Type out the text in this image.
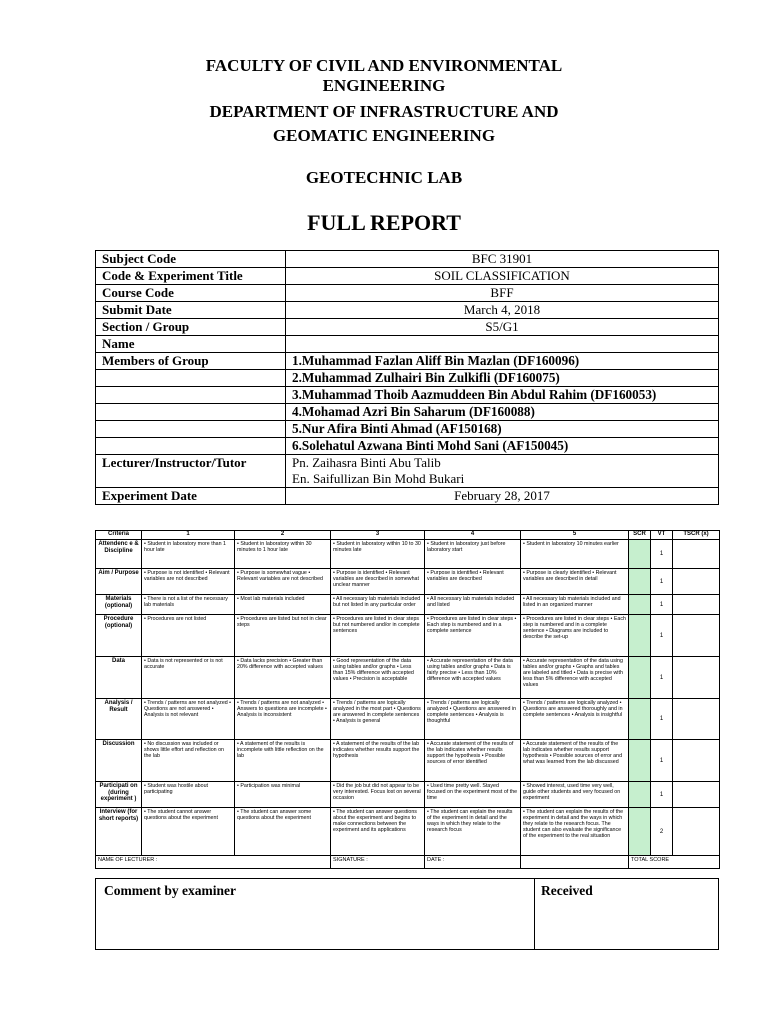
FACULTY OF CIVIL AND ENVIRONMENTAL
ENGINEERING
DEPARTMENT OF INFRASTRUCTURE AND
GEOMATIC ENGINEERING
GEOTECHNIC LAB
FULL REPORT
Subject Code	BFC 31901
Code & Experiment Title	SOIL CLASSIFICATION
Course Code	BFF
Submit Date	March 4, 2018
Section / Group	S5/G1
Name	
Members of Group	1.Muhammad Fazlan Aliff Bin Mazlan (DF160096)
	2.Muhammad Zulhairi Bin Zulkifli (DF160075)
	3.Muhammad Thoib Aazmuddeen Bin Abdul Rahim (DF160053)
	4.Mohamad Azri Bin Saharum (DF160088)
	5.Nur Afira Binti Ahmad (AF150168)
	6.Solehatul Azwana Binti Mohd Sani (AF150045)
Lecturer/Instructor/Tutor	Pn. Zaihasra Binti Abu Talib
En. Saifullizan Bin Mohd Bukari

Experiment Date	February 28, 2017
Criteria	1	2	3	4	5	SCR	VT	TSCR (x)
Attendenc e & Discipline	• Student in laboratory more than 1 hour late	• Student in laboratory within 30 minutes to 1 hour late	• Student in laboratory within 10 to 30 minutes late	• Student in laboratory just before laboratory start	• Student in laboratory 10 minutes earlier		1	
Aim / Purpose	• Purpose is not identified • Relevant variables are not described	• Purpose is somewhat vague • Relevant variables are not described	• Purpose is identified • Relevant variables are described in somewhat unclear manner	• Purpose is identified • Relevant variables are described	• Purpose is clearly identified • Relevant variables are described in detail		1	
Materials (optional)	• There is not a list of the necessary lab materials	• Most lab materials included	• All necessary lab materials included but not listed in any particular order	• All necessary lab materials included and listed	• All necessary lab materials included and listed in an organized manner		1	
Procedure (optional)	• Procedures are not listed	• Procedures are listed but not in clear steps	• Procedures are listed in clear steps but not numbered and/or in complete sentences	• Procedures are listed in clear steps • Each step is numbered and in a complete sentence	• Procedures are listed in clear steps • Each step is numbered and in a complete sentence • Diagrams are included to describe the set-up		1	
Data	• Data is not represented or is not accurate	• Data lacks precision • Greater than 20% difference with accepted values	• Good representation of the data using tables and/or graphs • Less than 15% difference with accepted values • Precision is acceptable	• Accurate representation of the data using tables and/or graphs • Data is fairly precise • Less than 10% difference with accepted values	• Accurate representation of the data using tables and/or graphs • Graphs and tables are labeled and titled • Data is precise with less than 5% difference with accepted values		1	
Analysis / Result	• Trends / patterns are not analyzed • Questions are not answered • Analysis is not relevant	• Trends / patterns are not analyzed • Answers to questions are incomplete • Analysis is inconsistent	• Trends / patterns are logically analyzed in the most part • Questions are answered in complete sentences • Analysis is general	• Trends / patterns are logically analyzed • Questions are answered in complete sentences • Analysis is thoughtful	• Trends / patterns are logically analyzed • Questions are answered thoroughly and in complete sentences • Analysis is insightful		1	
Discussion	• No discussion was included or shows little effort and reflection on the lab	• A statement of the results is incomplete with little reflection on the lab	• A statement of the results of the lab indicates whether results support the hypothesis	• Accurate statement of the results of the lab indicates whether results support the hypothesis • Possible sources of error identified	• Accurate statement of the results of the lab indicates whether results support hypothesis • Possible sources of error and what was learned from the lab discussed		1	
Participati on (during experiment )	• Student was hostile about participating	• Participation was minimal	• Did the job but did not appear to be very interested. Focus lost on several occasion	• Used time pretty well. Stayed focused on the experiment most of the time	• Showed interest, used time very well, guide other students and very focused on experiment		1	
Interview (for short reports)	• The student cannot answer questions about the experiment	• The student can answer some questions about the experiment	• The student can answer questions about the experiment and begins to make connections between the experiment and its applications	• The student can explain the results of the experiment in detail and the ways in which they relate to the research focus	• The student can explain the results of the experiment in detail and the ways in which they relate to the research focus. The student can also evaluate the significance of the experiment to the real situation		2	
NAME OF LECTURER :			SIGNATURE :	DATE :		TOTAL SCORE		
Comment by examiner	Received
